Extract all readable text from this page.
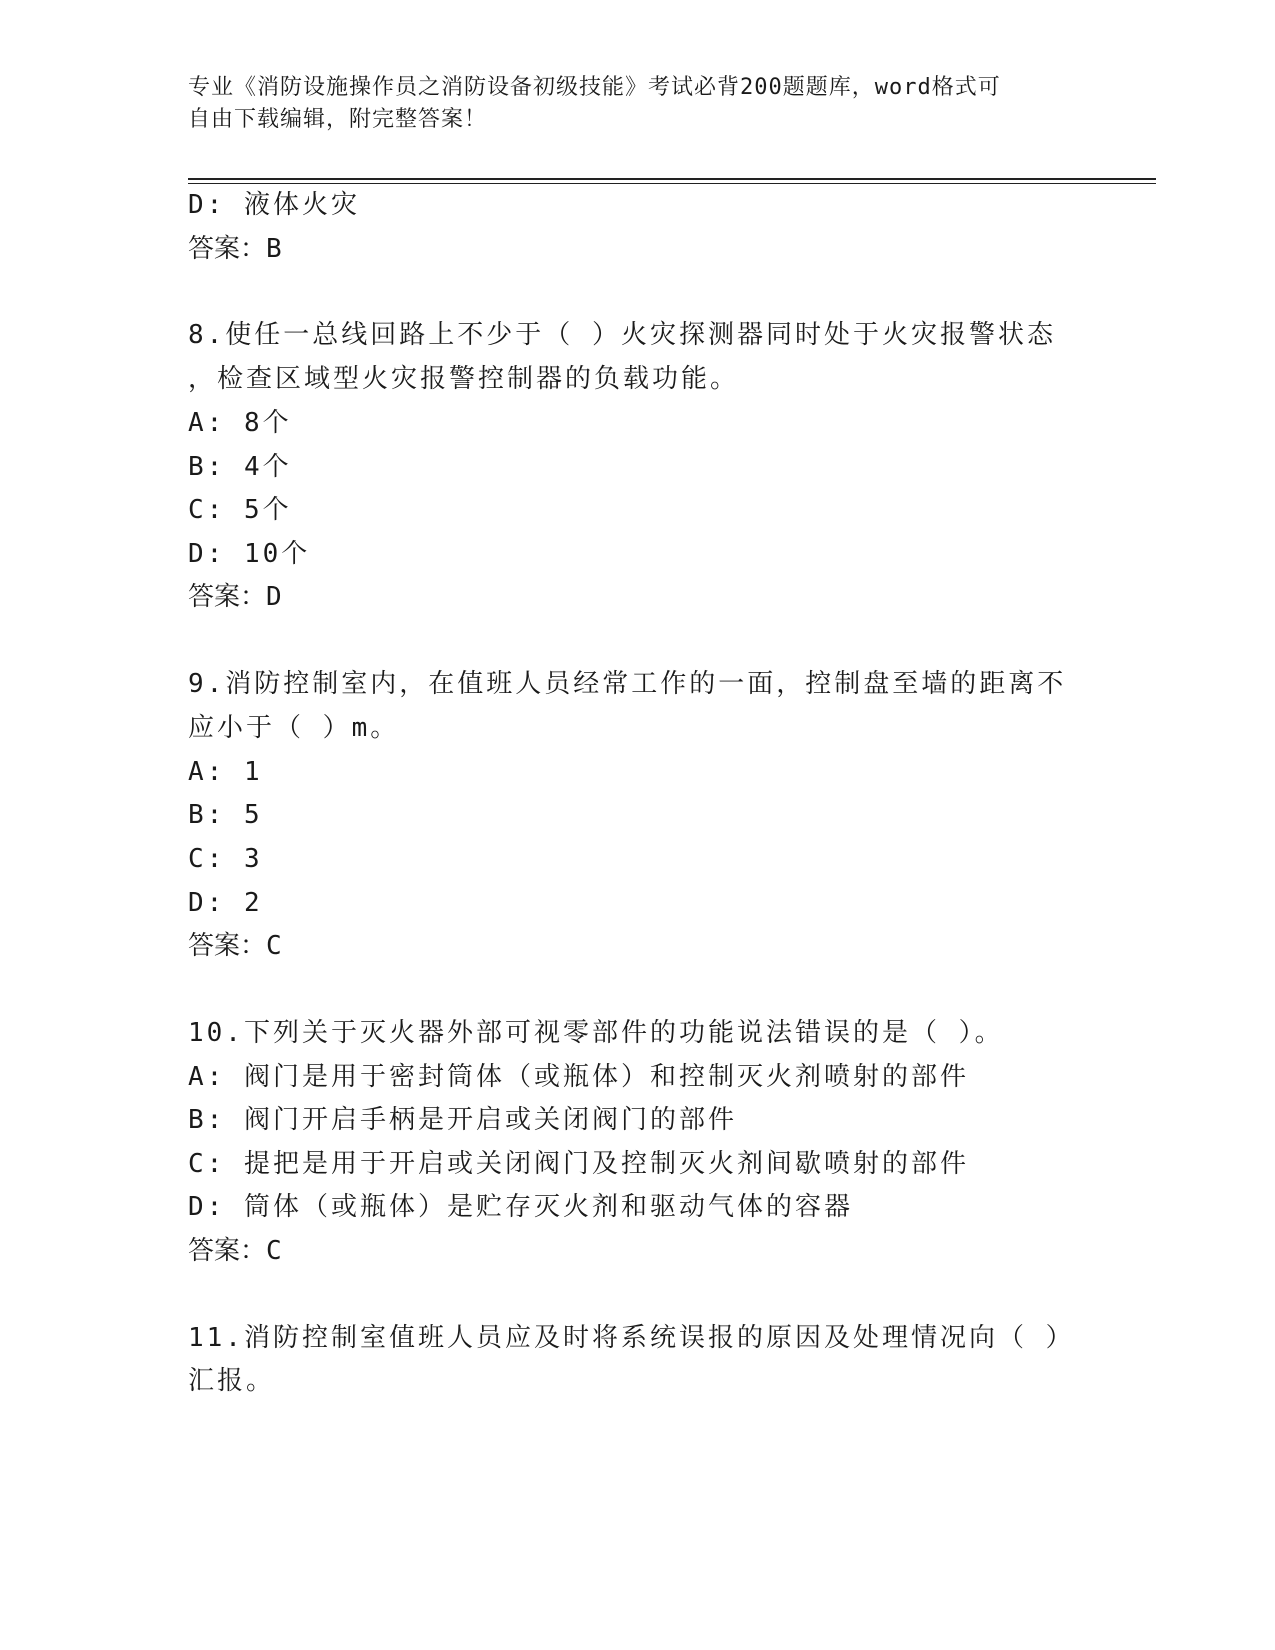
专业《消防设施操作员之消防设备初级技能》考试必背200题题库，word格式可
自由下载编辑，附完整答案！
D: 液体火灾
答案：B
8.使任一总线回路上不少于（ ）火灾探测器同时处于火灾报警状态
，检查区域型火灾报警控制器的负载功能。
A: 8个
B: 4个
C: 5个
D: 10个
答案：D
9.消防控制室内，在值班人员经常工作的一面，控制盘至墙的距离不
应小于（ ）m。
A: 1
B: 5
C: 3
D: 2
答案：C
10.下列关于灭火器外部可视零部件的功能说法错误的是（ ）。
A: 阀门是用于密封筒体（或瓶体）和控制灭火剂喷射的部件
B: 阀门开启手柄是开启或关闭阀门的部件
C: 提把是用于开启或关闭阀门及控制灭火剂间歇喷射的部件
D: 筒体（或瓶体）是贮存灭火剂和驱动气体的容器
答案：C
11.消防控制室值班人员应及时将系统误报的原因及处理情况向（ ）
汇报。
